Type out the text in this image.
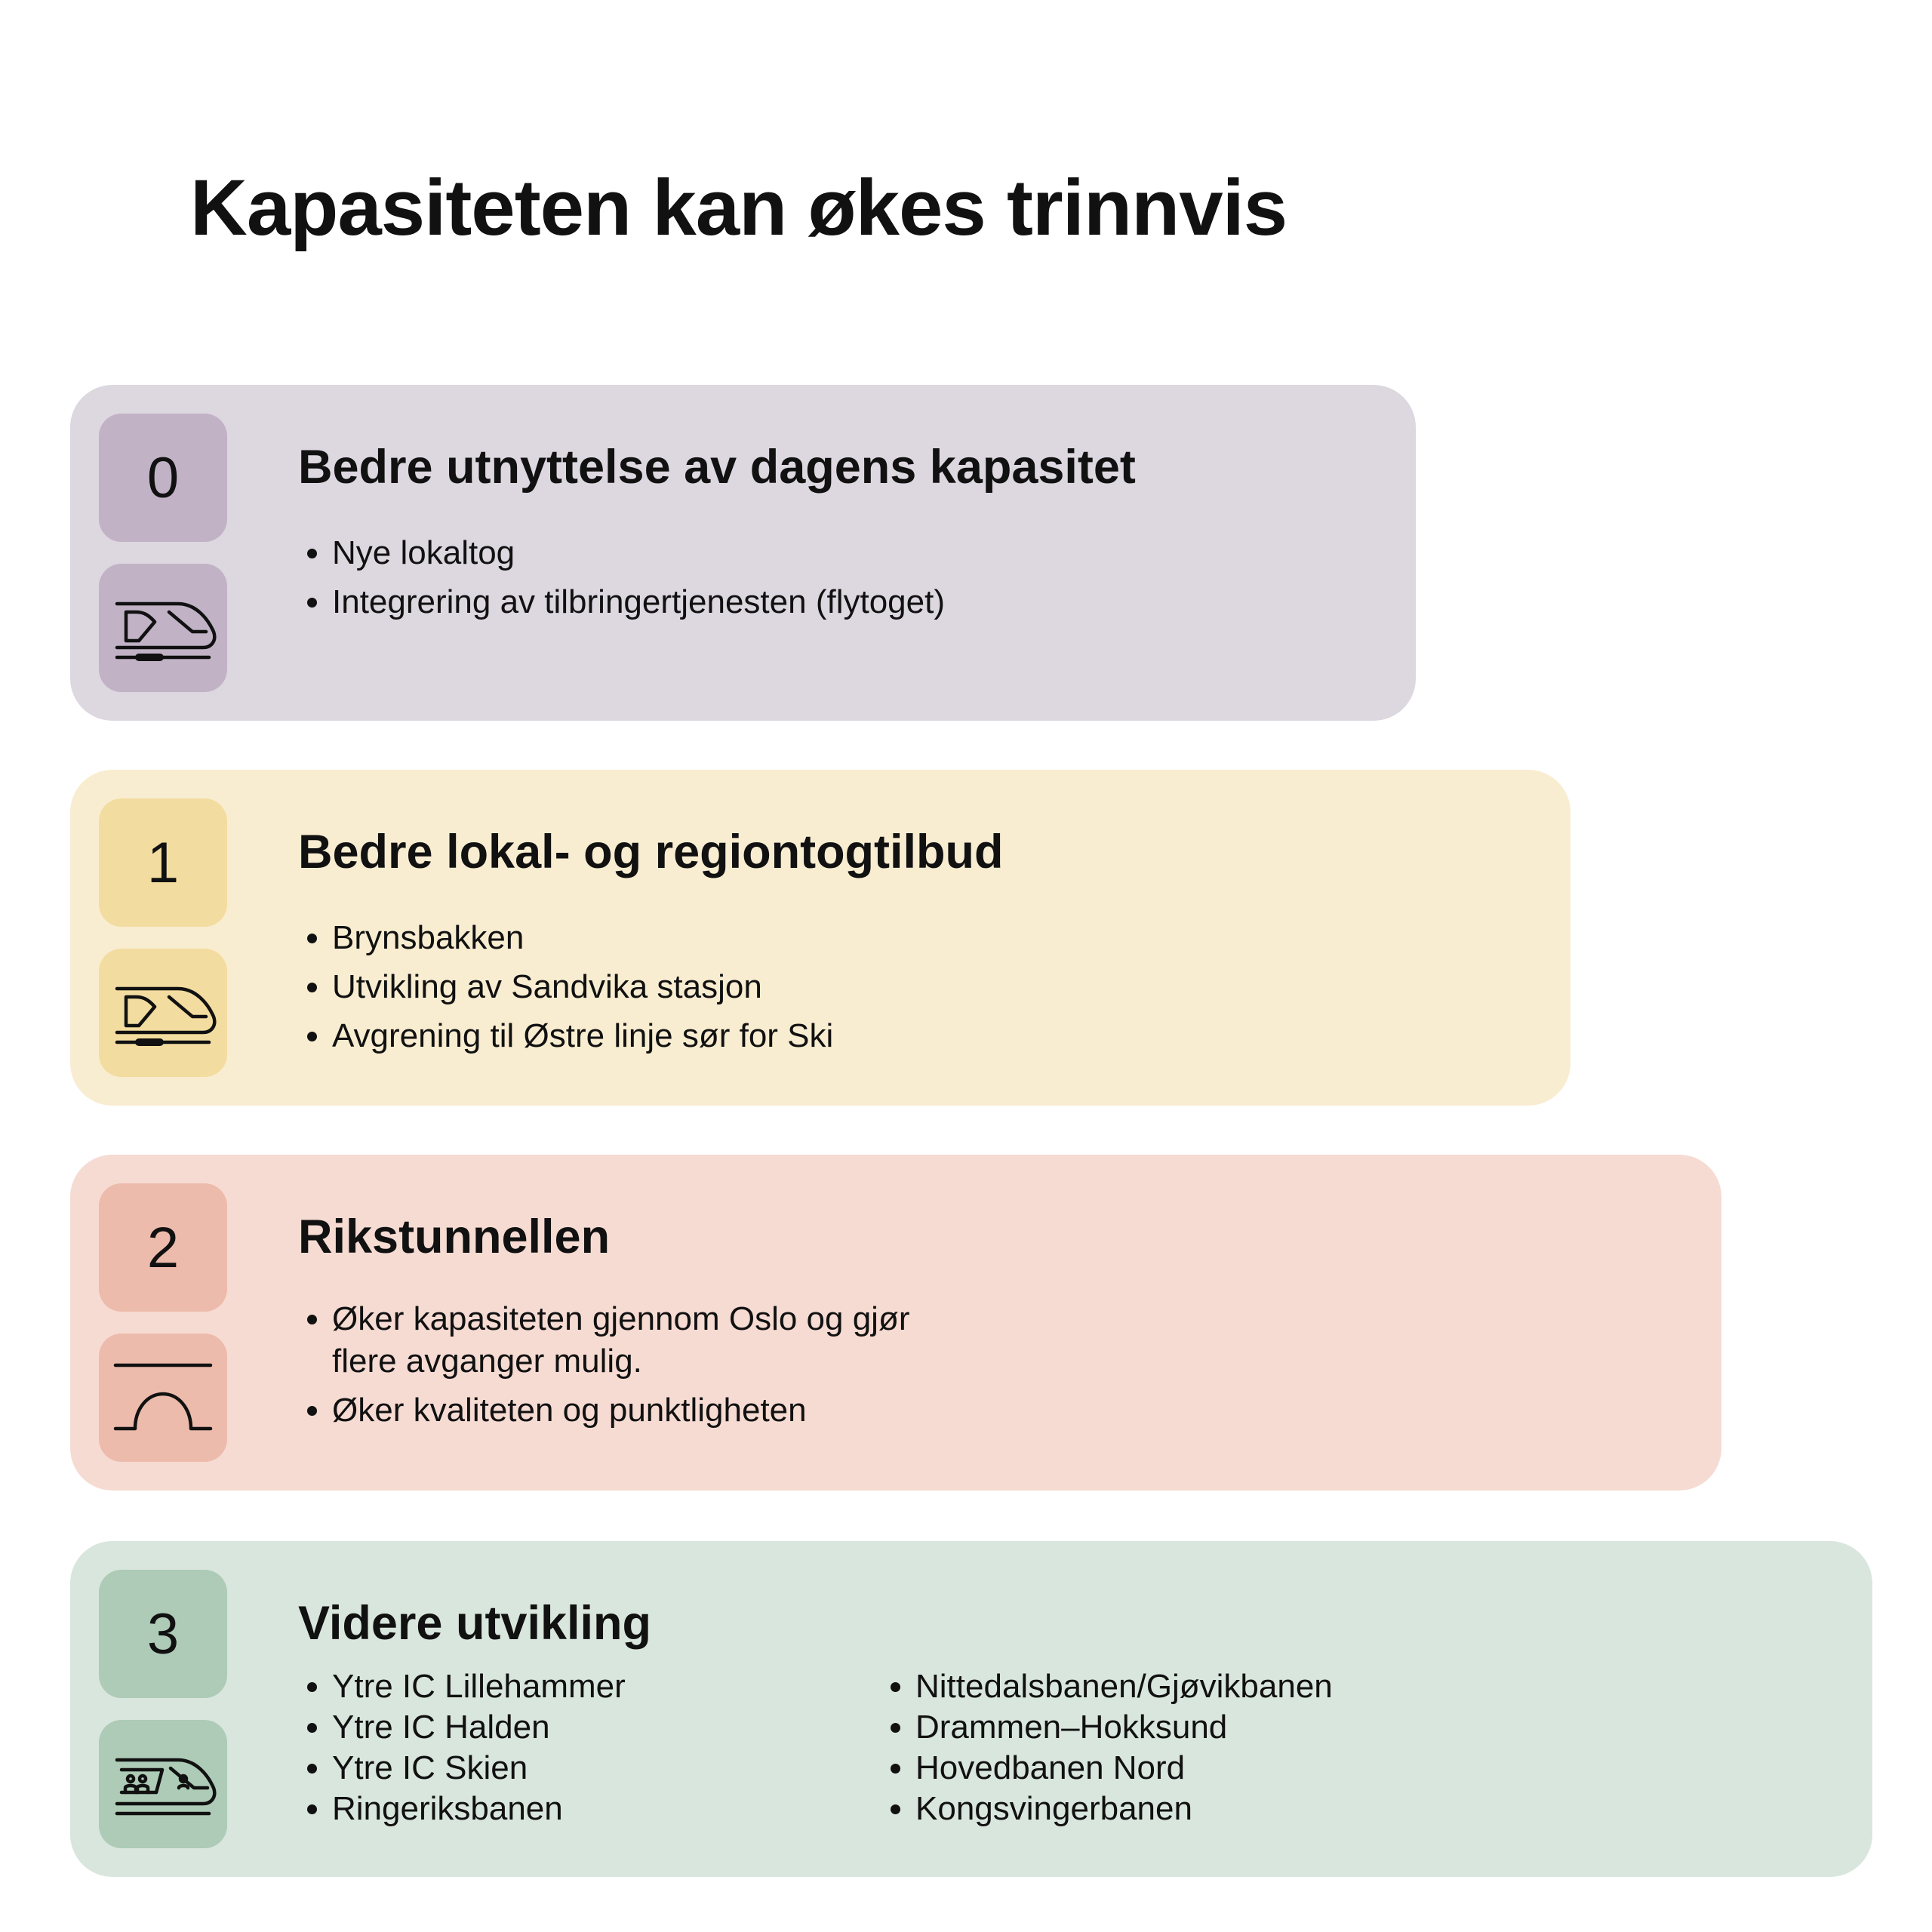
Kapasiteten kan økes trinnvis
0	Bedre utnyttelse av dagens kapasitet
• Nye lokaltog
• Integrering av tilbringertjenesten (flytoget)
1	Bedre lokal- og regiontogtilbud
• Brynsbakken
• Utvikling av Sandvika stasjon
• Avgrening til Østre linje sør for Ski
2	Rikstunnellen
• Øker kapasiteten gjennom Oslo og gjør flere avganger mulig.
• Øker kvaliteten og punktligheten
3	Videre utvikling
• Ytre IC Lillehammer
• Ytre IC Halden
• Ytre IC Skien
• Ringeriksbanen
• Nittedalsbanen/Gjøvikbanen
• Drammen–Hokksund
• Hovedbanen Nord
• Kongsvingerbanen
